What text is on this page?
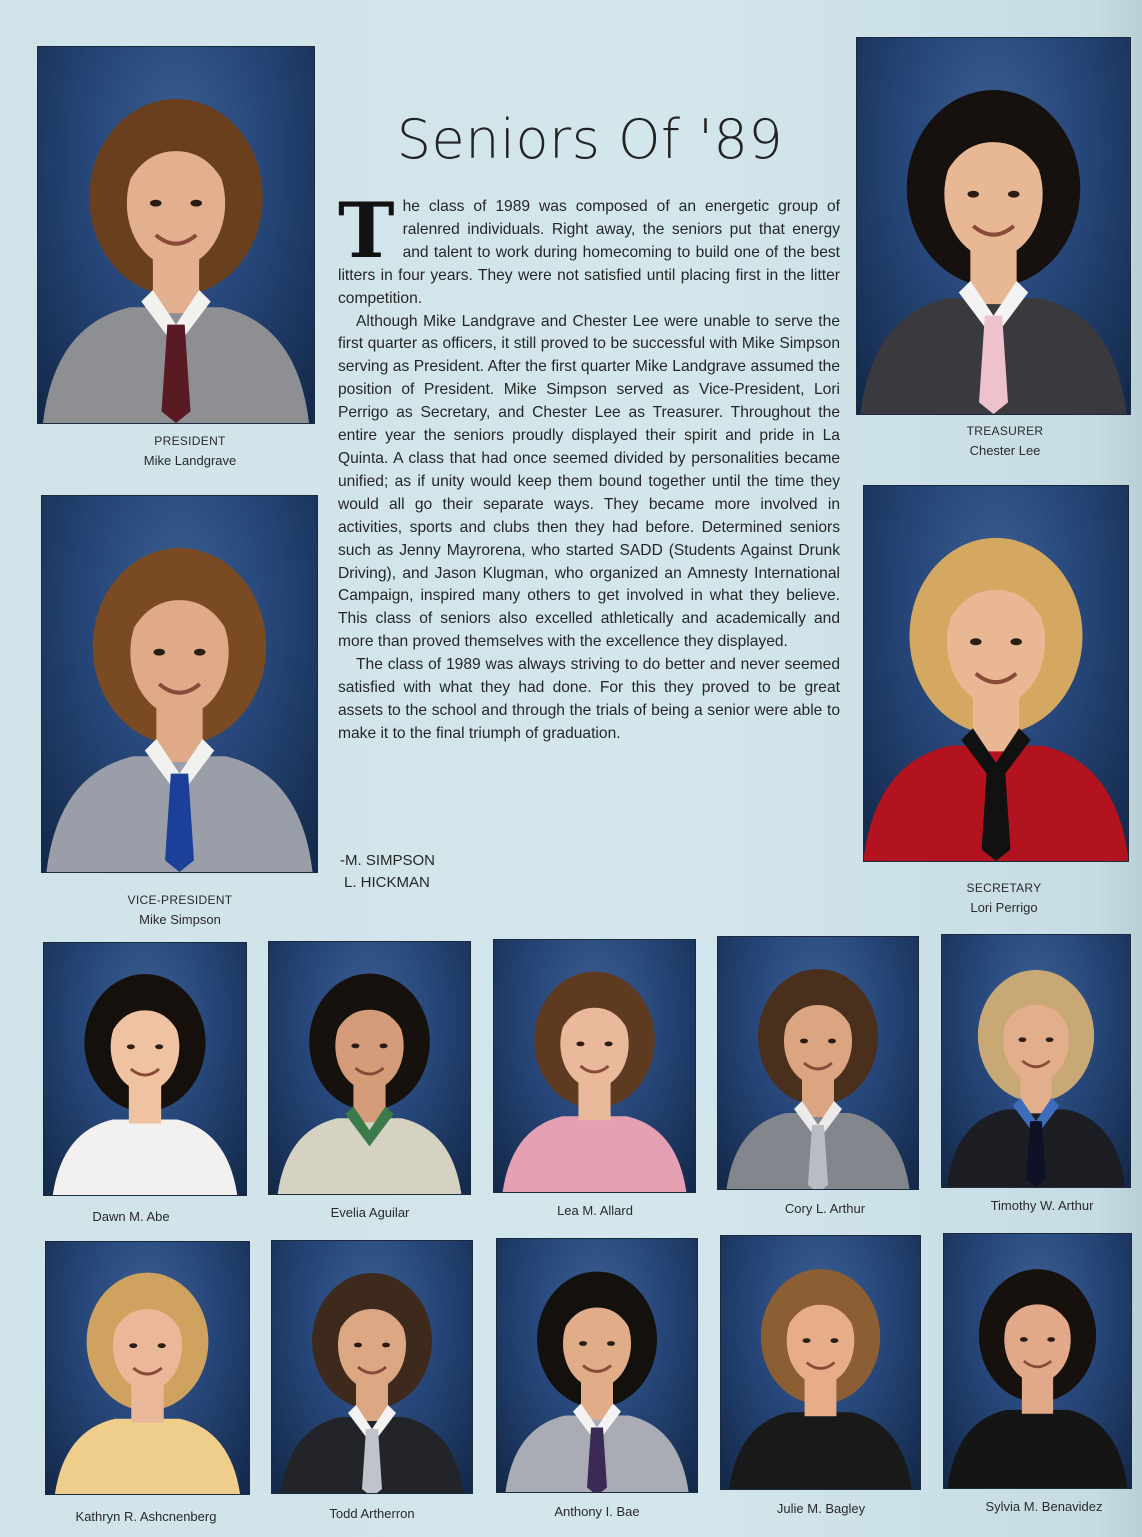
PRESIDENT
Mike Landgrave
TREASURER
Chester Lee
VICE-PRESIDENT
Mike Simpson
SECRETARY
Lori Perrigo
Seniors Of '89

The class of 1989 was composed of an energetic group of ralenred individuals. Right away, the seniors put that energy and talent to work during homecoming to build one of the best litters in four years. They were not satisfied until placing first in the litter competition.

Although Mike Landgrave and Chester Lee were unable to serve the first quarter as officers, it still proved to be successful with Mike Simpson serving as President. After the first quarter Mike Landgrave assumed the position of President. Mike Simpson served as Vice-President, Lori Perrigo as Secretary, and Chester Lee as Treasurer. Throughout the entire year the seniors proudly displayed their spirit and pride in La Quinta. A class that had once seemed divided by personalities became unified; as if unity would keep them bound together until the time they would all go their separate ways. They became more involved in activities, sports and clubs then they had before. Determined seniors such as Jenny Mayrorena, who started SADD (Students Against Drunk Driving), and Jason Klugman, who organized an Amnesty International Campaign, inspired many others to get involved in what they believe. This class of seniors also excelled athletically and academically and more than proved themselves with the excellence they displayed.

The class of 1989 was always striving to do better and never seemed satisfied with what they had done. For this they proved to be great assets to the school and through the trials of being a senior were able to make it to the final triumph of graduation.

-M. SIMPSON
L. HICKMAN
Dawn M. Abe	Evelia Aguilar	Lea M. Allard	Cory L. Arthur	Timothy W. Arthur
Kathryn R. Ashcnenberg	Todd Artherron	Anthony I. Bae	Julie M. Bagley	Sylvia M. Benavidez
